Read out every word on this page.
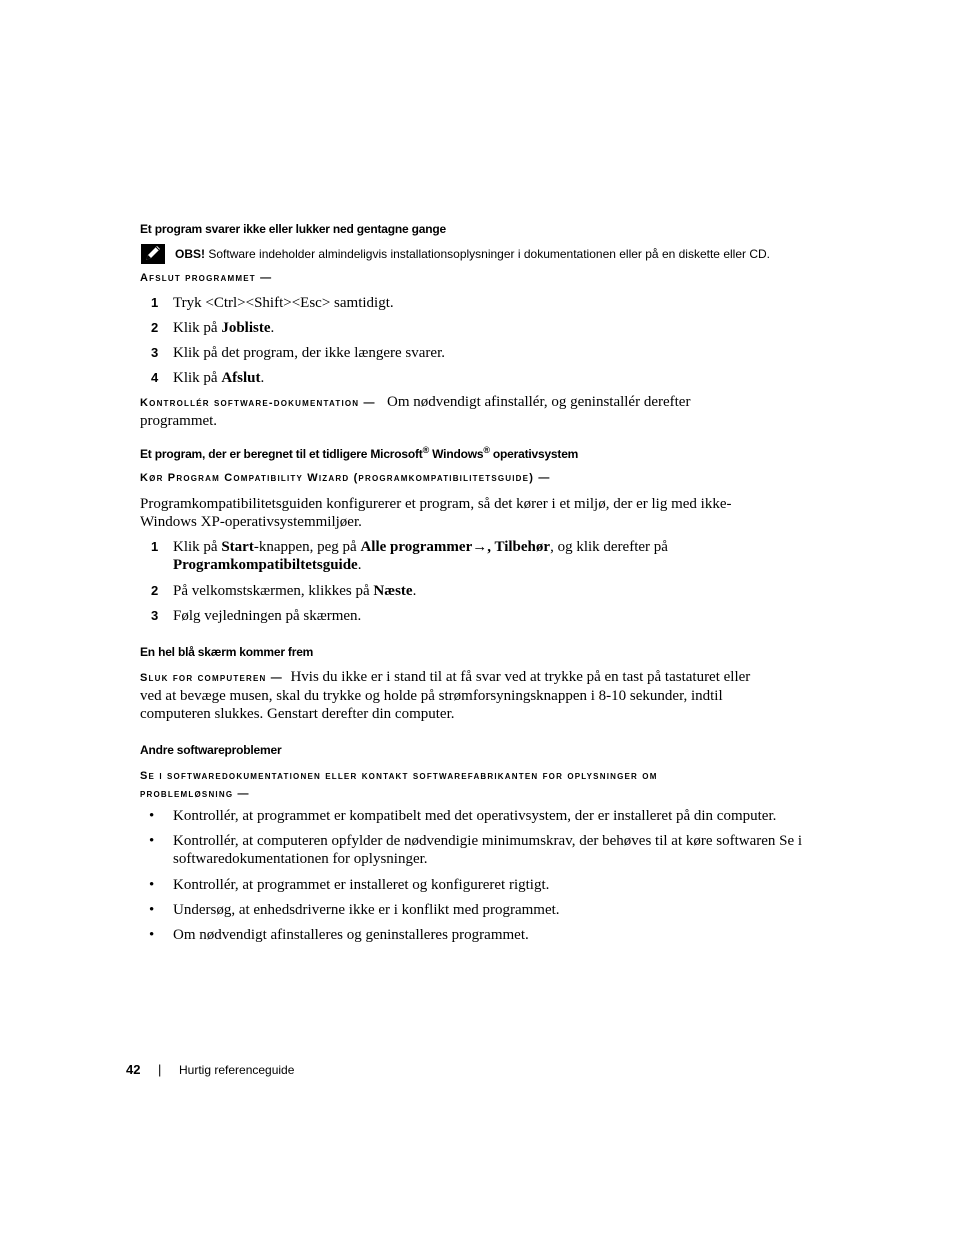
Et program svarer ikke eller lukker ned gentagne gange
OBS! Software indeholder almindeligvis installationsoplysninger i dokumentationen eller på en diskette eller CD.
Afslut programmet —
1 Tryk <Ctrl><Shift><Esc> samtidigt.
2 Klik på Jobliste.
3 Klik på det program, der ikke længere svarer.
4 Klik på Afslut.
Kontrollér software-dokumentation — Om nødvendigt afinstallér, og geninstallér derefter
programmet.
Et program, der er beregnet til et tidligere Microsoft® Windows® operativsystem
Kør Program Compatibility Wizard (programkompatibilitetsguide) —
Programkompatibilitetsguiden konfigurerer et program, så det kører i et miljø, der er lig med ikke-
Windows XP-operativsystemmiljøer.
1 Klik på Start-knappen, peg på Alle programmer→, Tilbehør, og klik derefter på
Programkompatibiltetsguide.
2 På velkomstskærmen, klikkes på Næste.
3 Følg vejledningen på skærmen.
En hel blå skærm kommer frem
Sluk for computeren — Hvis du ikke er i stand til at få svar ved at trykke på en tast på tastaturet eller
ved at bevæge musen, skal du trykke og holde på strømforsyningsknappen i 8-10 sekunder, indtil
computeren slukkes. Genstart derefter din computer.
Andre softwareproblemer
Se i softwaredokumentationen eller kontakt softwarefabrikanten for oplysninger om
problemløsning —
• Kontrollér, at programmet er kompatibelt med det operativsystem, der er installeret på din computer.
• Kontrollér, at computeren opfylder de nødvendigie minimumskrav, der behøves til at køre softwaren Se i softwaredokumentationen for oplysninger.
• Kontrollér, at programmet er installeret og konfigureret rigtigt.
• Undersøg, at enhedsdriverne ikke er i konflikt med programmet.
• Om nødvendigt afinstalleres og geninstalleres programmet.
42 | Hurtig referenceguide
